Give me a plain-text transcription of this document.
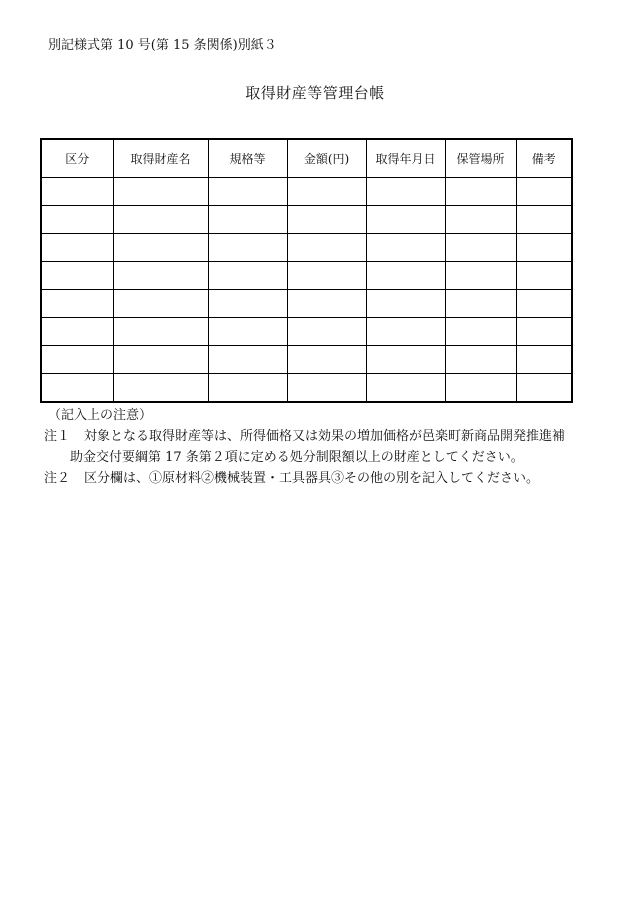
別記様式第 10 号(第 15 条関係)別紙３
取得財産等管理台帳
区分	取得財産名	規格等	金額(円)	取得年月日	保管場所	備考

（記入上の注意）
注１	対象となる取得財産等は、所得価格又は効果の増加価格が邑楽町新商品開発推進補
助金交付要綱第 17 条第２項に定める処分制限額以上の財産としてください。
注２	区分欄は、①原材料②機械装置・工具器具③その他の別を記入してください。
